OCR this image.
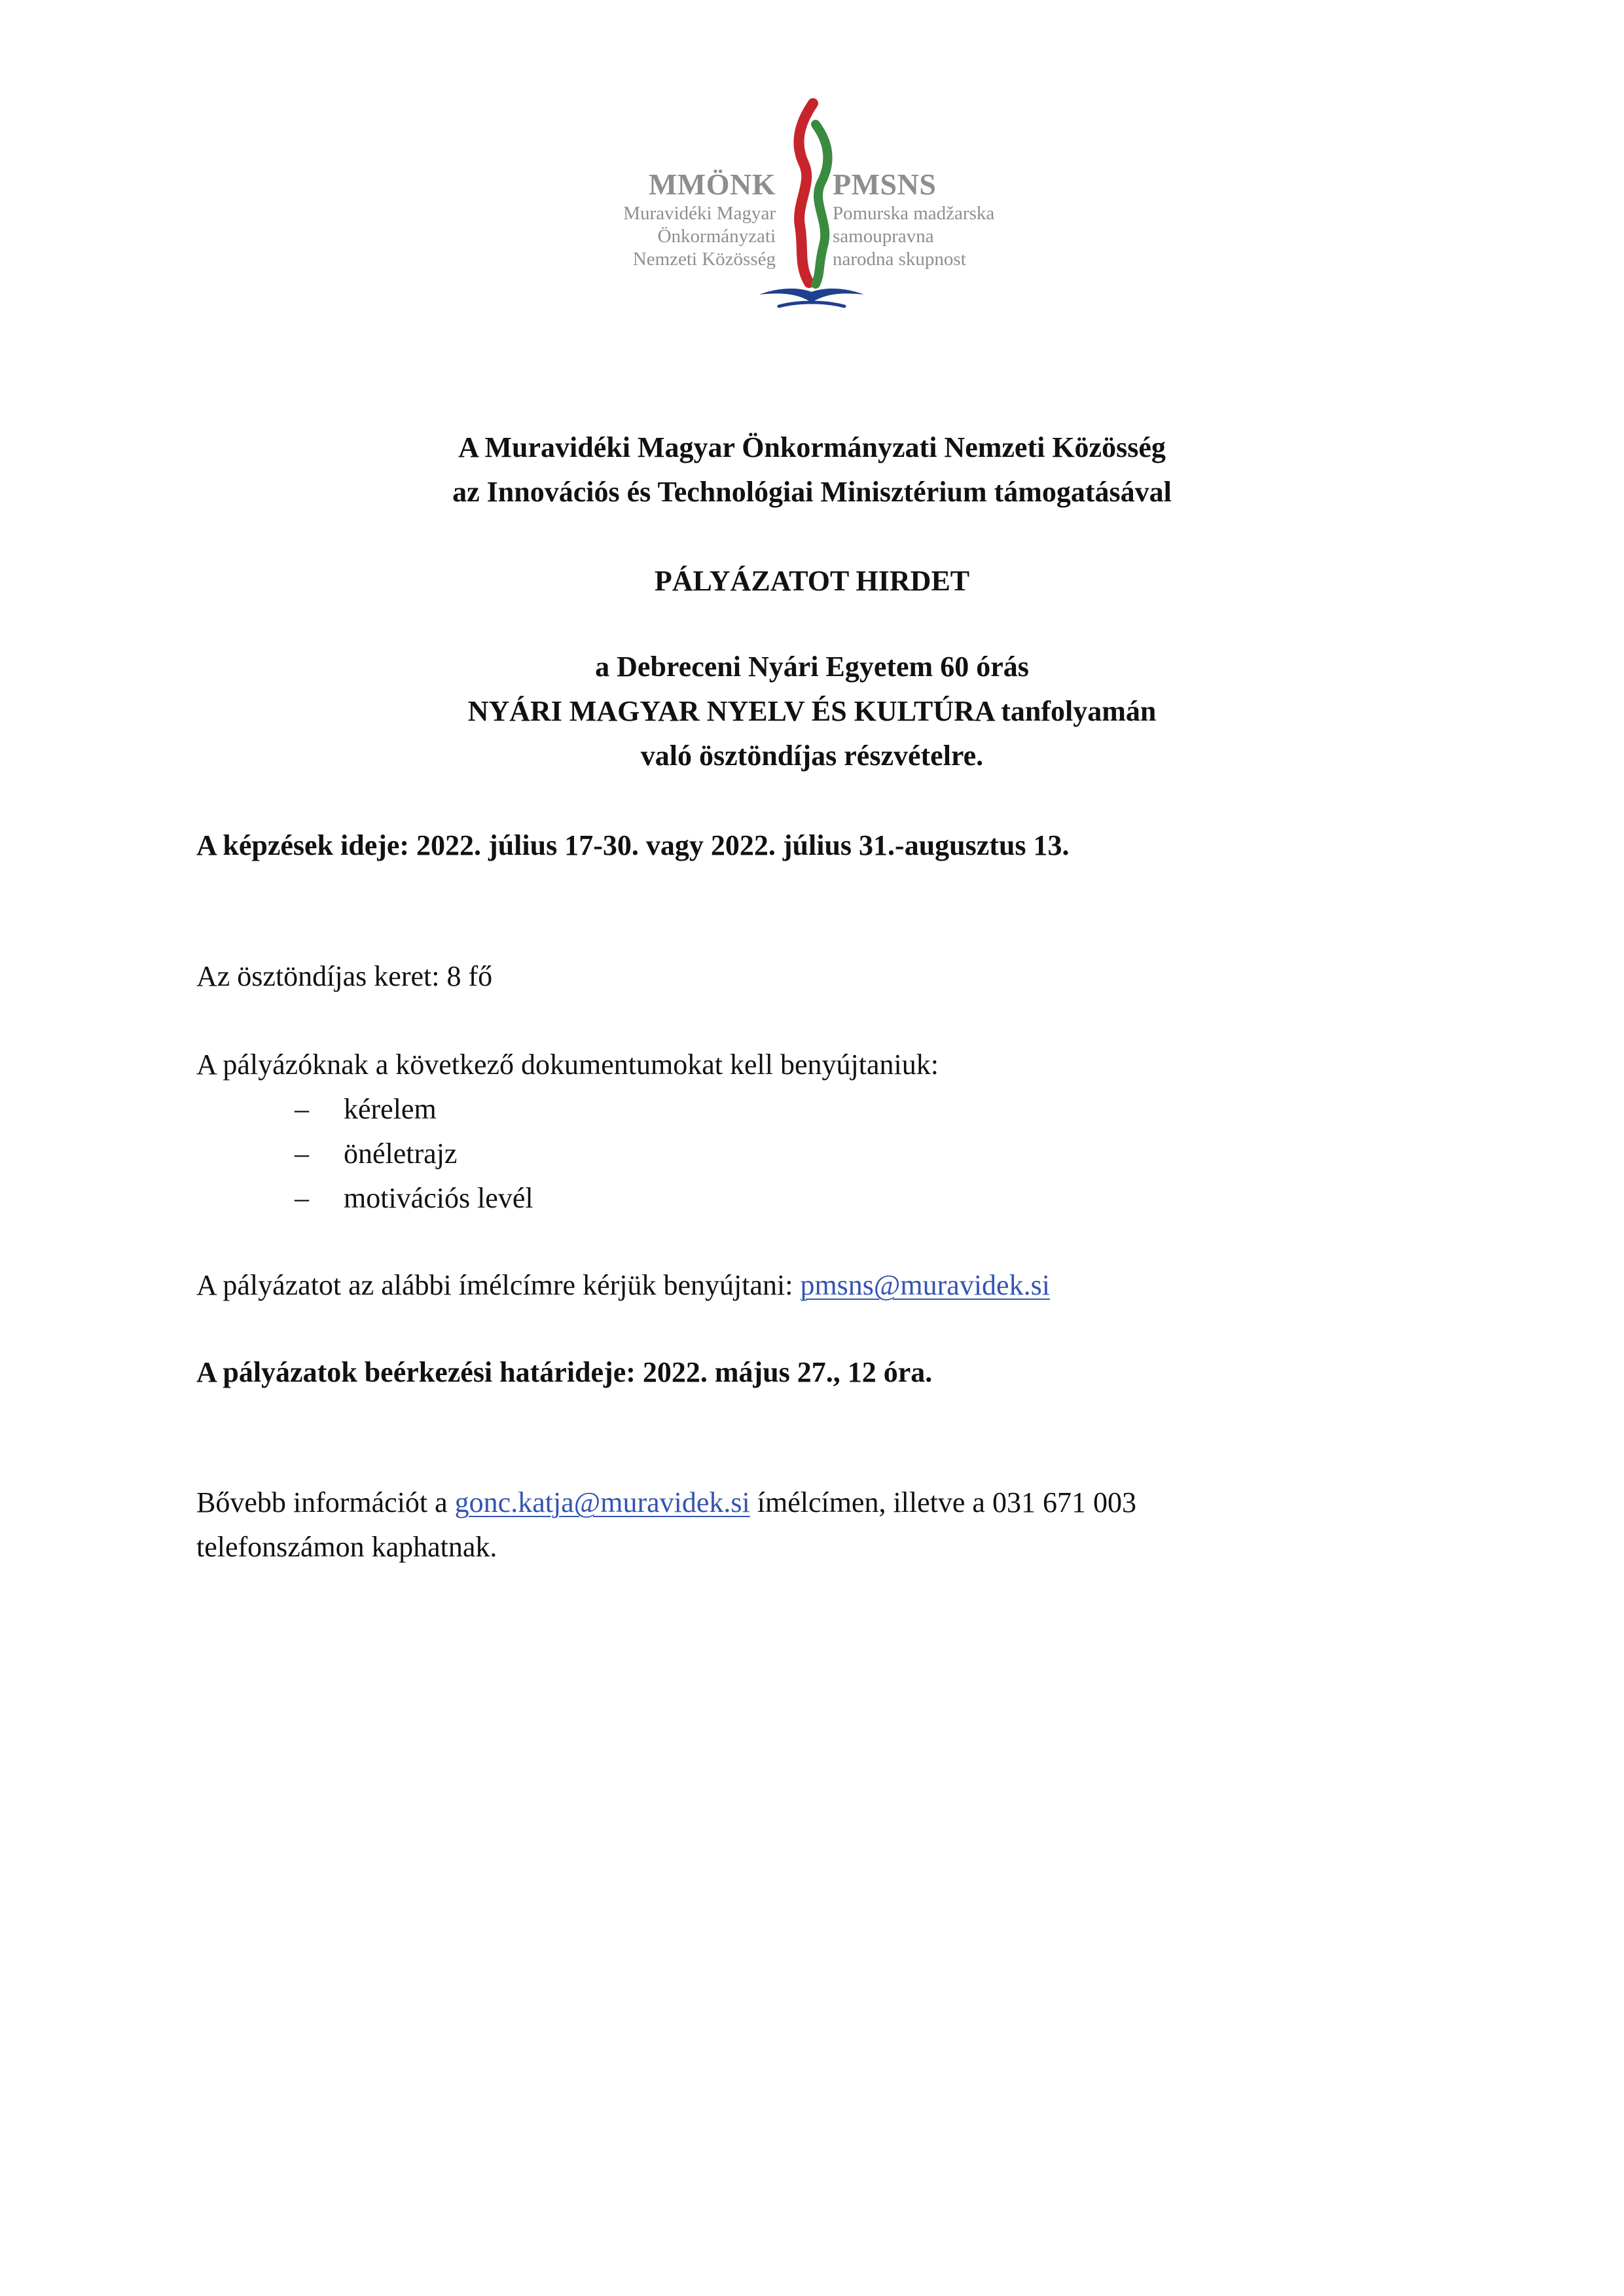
MMÖNK
Muravidéki Magyar
Önkormányzati
Nemzeti Közösség
PMSNS
Pomurska madžarska
samoupravna
narodna skupnost
A Muravidéki Magyar Önkormányzati Nemzeti Közösség
az Innovációs és Technológiai Minisztérium támogatásával
PÁLYÁZATOT HIRDET
a Debreceni Nyári Egyetem 60 órás
NYÁRI MAGYAR NYELV ÉS KULTÚRA tanfolyamán
való ösztöndíjas részvételre.
A képzések ideje: 2022. július 17-30. vagy 2022. július 31.-augusztus 13.
Az ösztöndíjas keret: 8 fő
A pályázóknak a következő dokumentumokat kell benyújtaniuk:
– kérelem
– önéletrajz
– motivációs levél
A pályázatot az alábbi ímélcímre kérjük benyújtani: pmsns@muravidek.si
A pályázatok beérkezési határideje: 2022. május 27., 12 óra.
Bővebb információt a gonc.katja@muravidek.si ímélcímen, illetve a 031 671 003
telefonszámon kaphatnak.
